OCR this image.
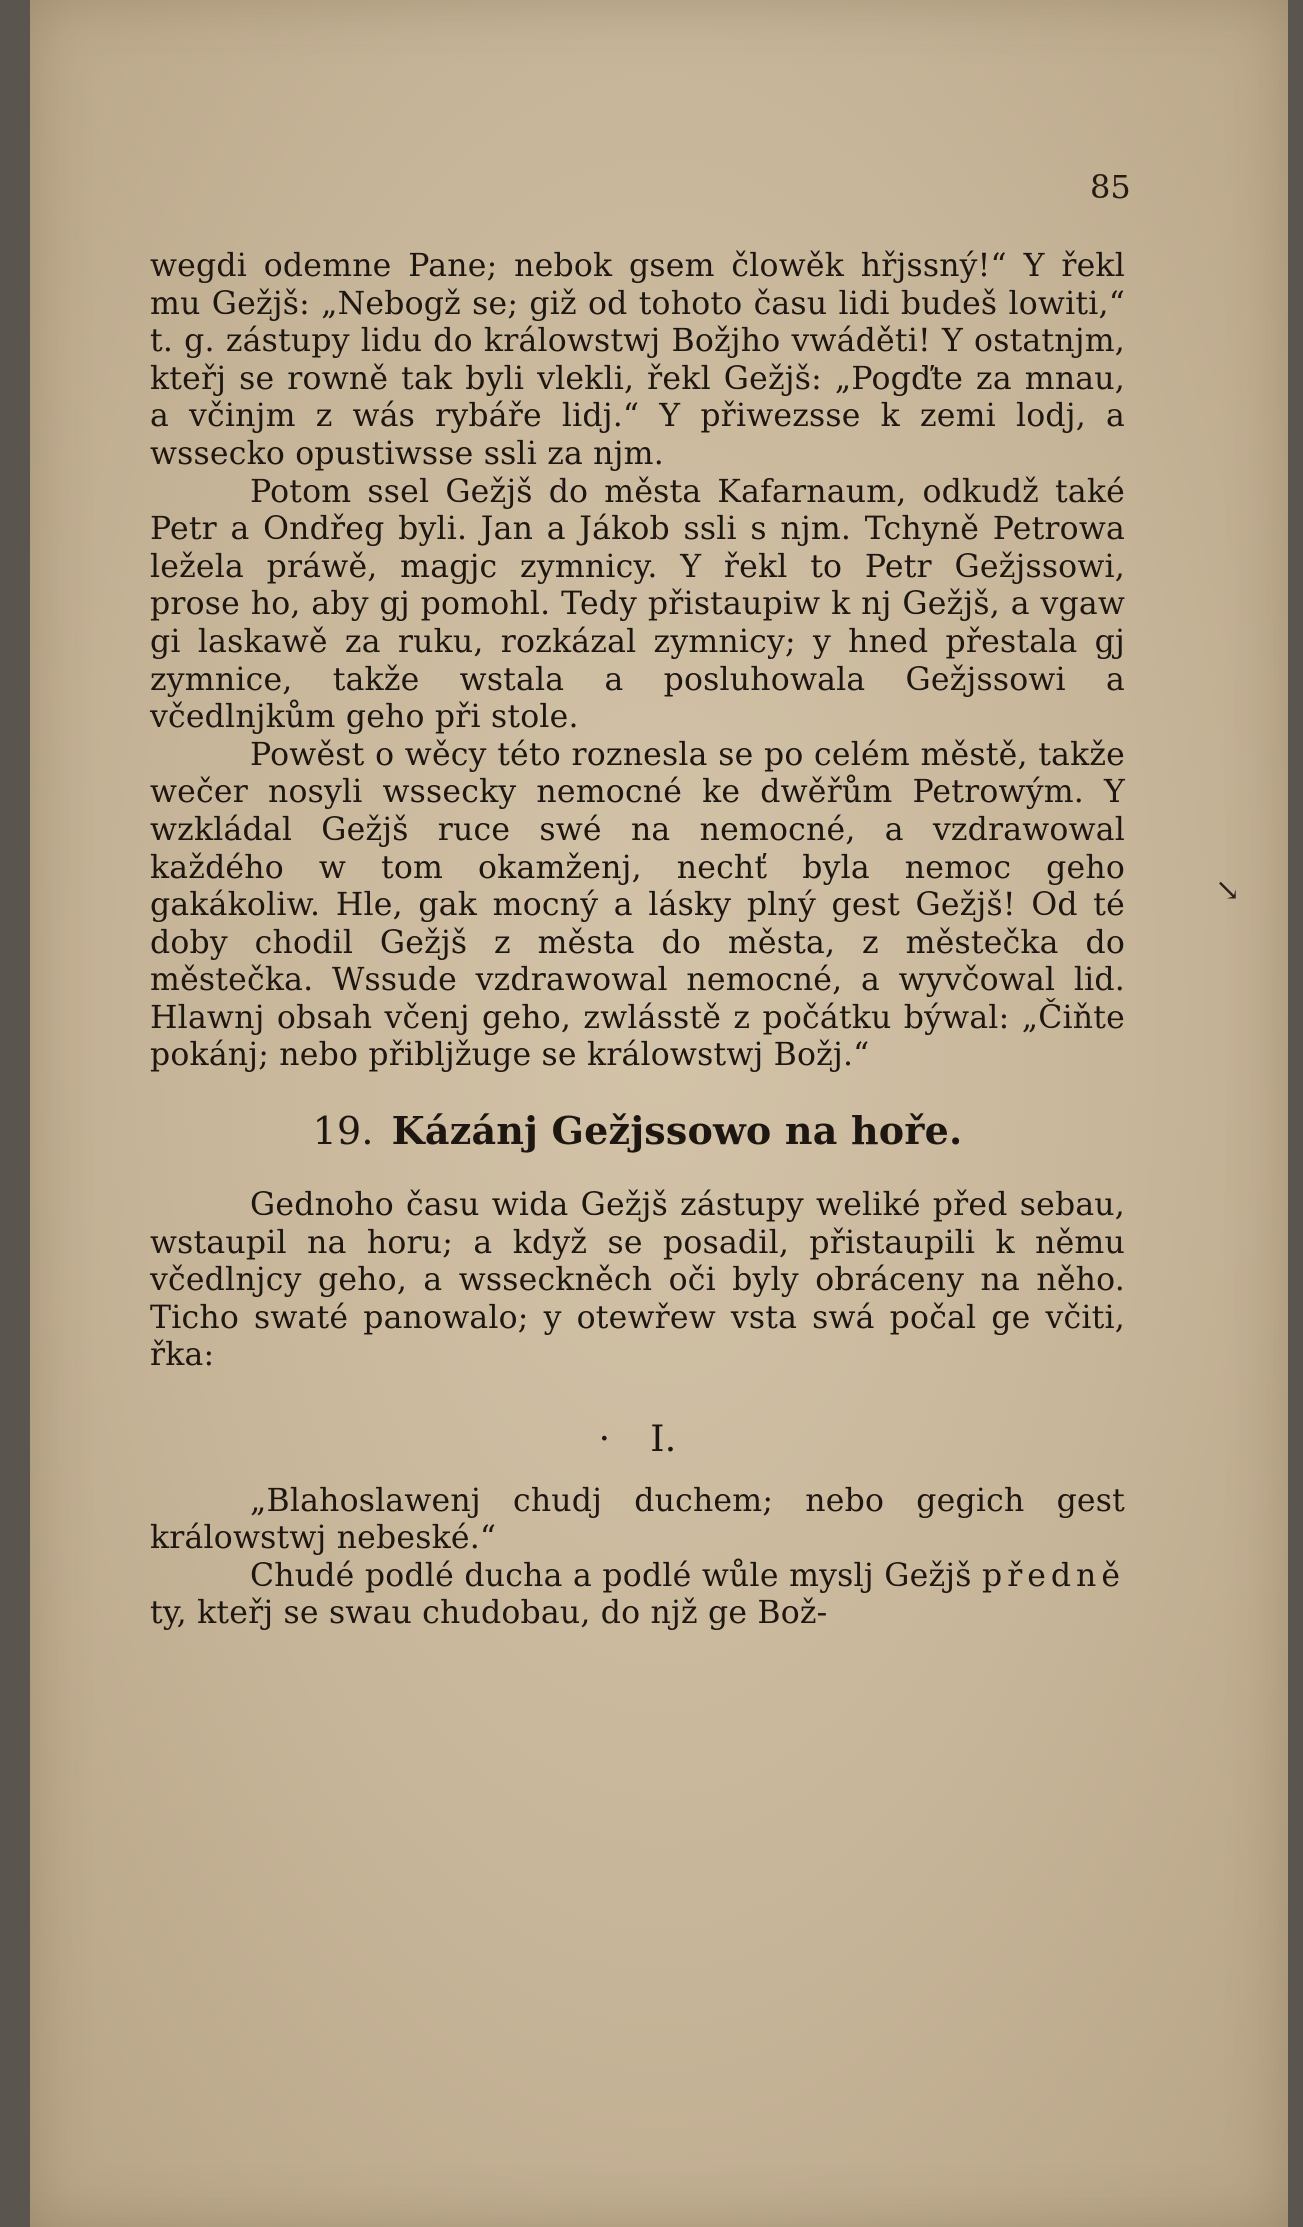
85
↘

wegdi odemne Pane; nebok gsem člowěk hřjssný!“ Y řekl mu Gežjš: „Nebogž se; giž od tohoto času lidi budeš lowiti,“ t. g. zástupy lidu do králowstwj Božjho vwáděti! Y ostatnjm, kteřj se rowně tak byli vlekli, řekl Gežjš: „Pogďte za mnau, a včinjm z wás rybáře lidj.“ Y přiwezsse k zemi lodj, a wssecko opustiwsse ssli za njm.

Potom ssel Gežjš do města Kafarnaum, odkudž také Petr a Ondřeg byli. Jan a Jákob ssli s njm. Tchyně Petrowa ležela práwě, magjc zymnicy. Y řekl to Petr Gežjssowi, prose ho, aby gj pomohl. Tedy přistaupiw k nj Gežjš, a vgaw gi laskawě za ruku, rozkázal zymnicy; y hned přestala gj zymnice, takže wstala a posluhowala Gežjssowi a včedlnjkům geho při stole.

Powěst o wěcy této roznesla se po celém městě, takže wečer nosyli wssecky nemocné ke dwěřům Petrowým. Y wzkládal Gežjš ruce swé na nemocné, a vzdrawowal každého w tom okamženj, nechť byla nemoc geho gakákoliw. Hle, gak mocný a lásky plný gest Gežjš! Od té doby chodil Gežjš z města do města, z městečka do městečka. Wssude vzdrawowal nemocné, a wyvčowal lid. Hlawnj obsah včenj geho, zwlásstě z počátku býwal: „Čiňte pokánj; nebo přibljžuge se králowstwj Božj.“

19. Kázánj Gežjssowo na hoře.

Gednoho času wida Gežjš zástupy weliké před sebau, wstaupil na horu; a když se posadil, přistaupili k němu včedlnjcy geho, a wsseckněch oči byly obráceny na něho. Ticho swaté panowalo; y otewřew vsta swá počal ge včiti, řka:

· I.

„Blahoslawenj chudj duchem; nebo gegich gest králowstwj nebeské.“

Chudé podlé ducha a podlé wůle myslj Gežjš předně ty, kteřj se swau chudobau, do njž ge Bož-
